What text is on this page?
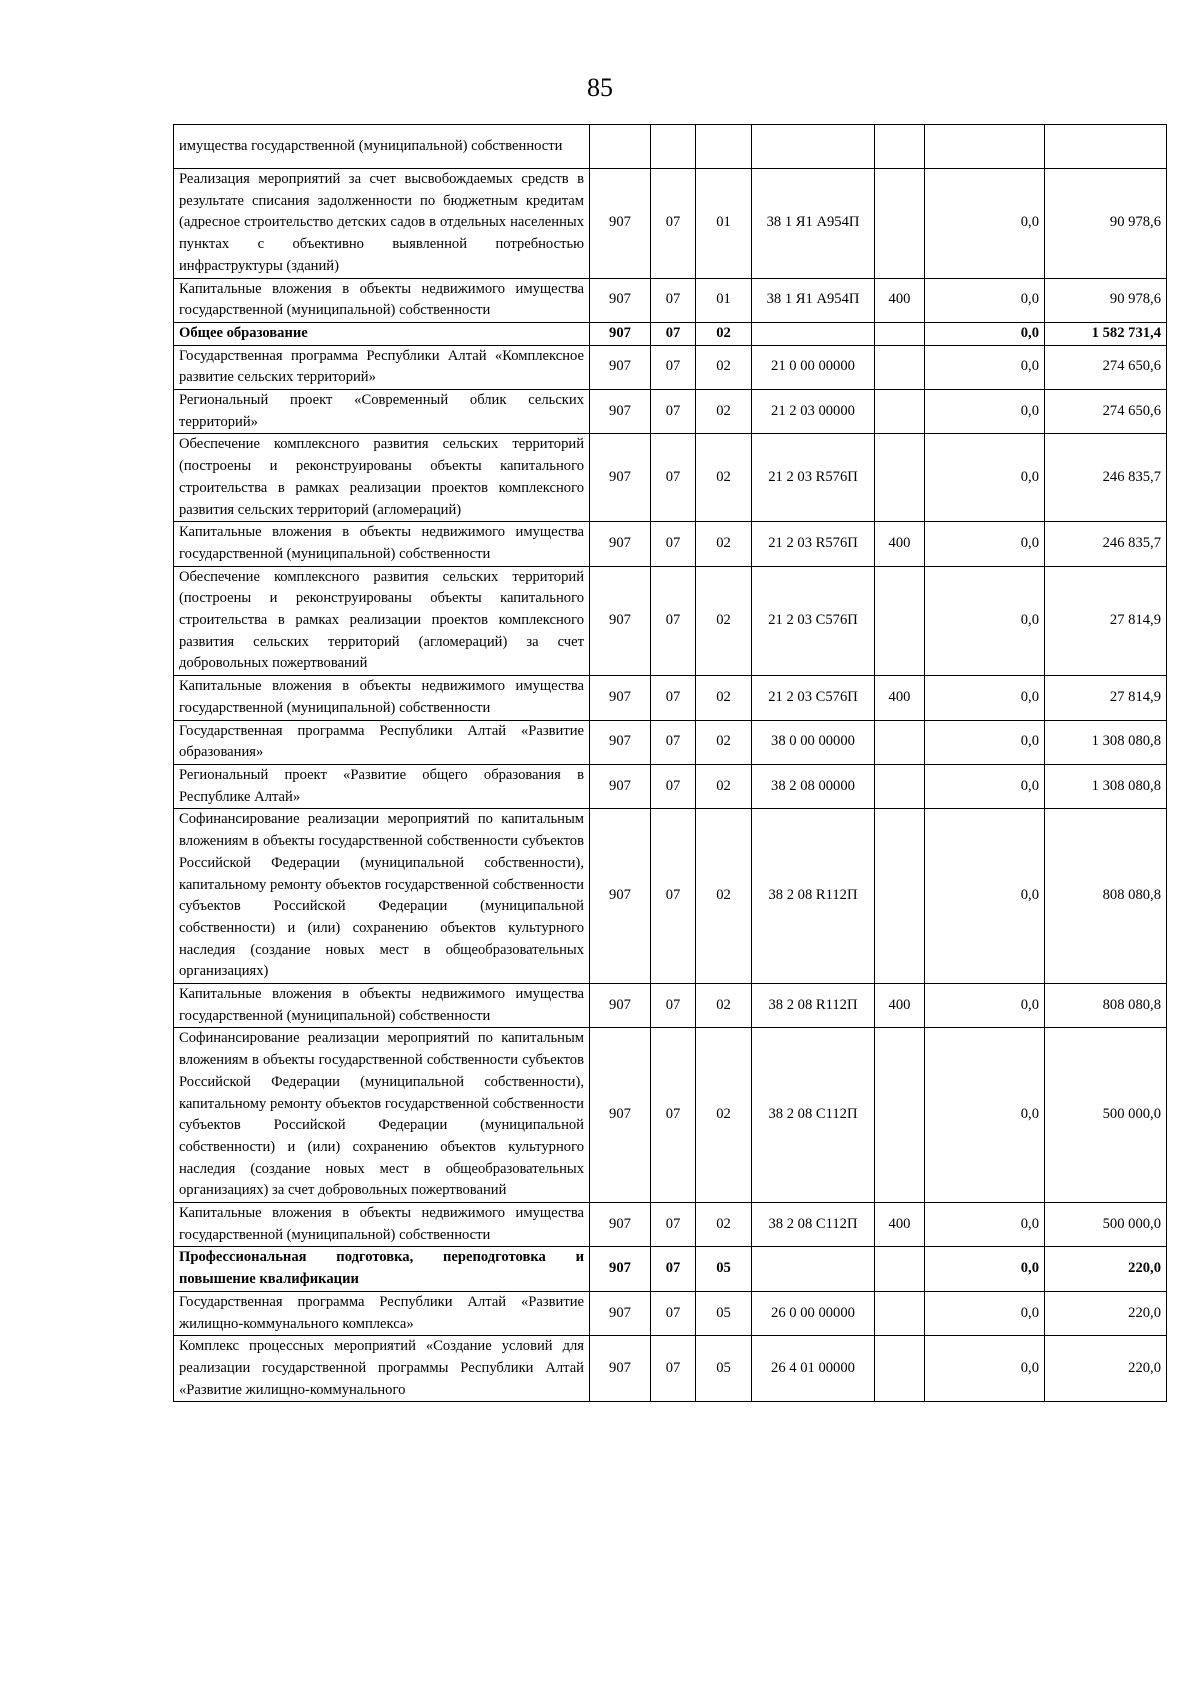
85
имущества государственной (муниципальной) собственности							
Реализация мероприятий за счет высвобождаемых средств в результате списания задолженности по бюджетным кредитам (адресное строительство детских садов в отдельных населенных пунктах с объективно выявленной потребностью инфраструктуры (зданий)	907	07	01	38 1 Я1 А954П		0,0	90 978,6
Капитальные вложения в объекты недвижимого имущества государственной (муниципальной) собственности	907	07	01	38 1 Я1 А954П	400	0,0	90 978,6
Общее образование	907	07	02			0,0	1 582 731,4
Государственная программа Республики Алтай «Комплексное развитие сельских территорий»	907	07	02	21 0 00 00000		0,0	274 650,6
Региональный проект «Современный облик сельских территорий»	907	07	02	21 2 03 00000		0,0	274 650,6
Обеспечение комплексного развития сельских территорий (построены и реконструированы объекты капитального строительства в рамках реализации проектов комплексного развития сельских территорий (агломераций)	907	07	02	21 2 03 R576П		0,0	246 835,7
Капитальные вложения в объекты недвижимого имущества государственной (муниципальной) собственности	907	07	02	21 2 03 R576П	400	0,0	246 835,7
Обеспечение комплексного развития сельских территорий (построены и реконструированы объекты капитального строительства в рамках реализации проектов комплексного развития сельских территорий (агломераций) за счет добровольных пожертвований	907	07	02	21 2 03 С576П		0,0	27 814,9
Капитальные вложения в объекты недвижимого имущества государственной (муниципальной) собственности	907	07	02	21 2 03 С576П	400	0,0	27 814,9
Государственная программа Республики Алтай «Развитие образования»	907	07	02	38 0 00 00000		0,0	1 308 080,8
Региональный проект «Развитие общего образования в Республике Алтай»	907	07	02	38 2 08 00000		0,0	1 308 080,8
Софинансирование реализации мероприятий по капитальным вложениям в объекты государственной собственности субъектов Российской Федерации (муниципальной собственности), капитальному ремонту объектов государственной собственности субъектов Российской Федерации (муниципальной собственности) и (или) сохранению объектов культурного наследия (создание новых мест в общеобразовательных организациях)	907	07	02	38 2 08 R112П		0,0	808 080,8
Капитальные вложения в объекты недвижимого имущества государственной (муниципальной) собственности	907	07	02	38 2 08 R112П	400	0,0	808 080,8
Софинансирование реализации мероприятий по капитальным вложениям в объекты государственной собственности субъектов Российской Федерации (муниципальной собственности), капитальному ремонту объектов государственной собственности субъектов Российской Федерации (муниципальной собственности) и (или) сохранению объектов культурного наследия (создание новых мест в общеобразовательных организациях) за счет добровольных пожертвований	907	07	02	38 2 08 С112П		0,0	500 000,0
Капитальные вложения в объекты недвижимого имущества государственной (муниципальной) собственности	907	07	02	38 2 08 С112П	400	0,0	500 000,0
Профессиональная подготовка, переподготовка и повышение квалификации	907	07	05			0,0	220,0
Государственная программа Республики Алтай «Развитие жилищно-коммунального комплекса»	907	07	05	26 0 00 00000		0,0	220,0
Комплекс процессных мероприятий «Создание условий для реализации государственной программы Республики Алтай «Развитие жилищно-коммунального	907	07	05	26 4 01 00000		0,0	220,0
